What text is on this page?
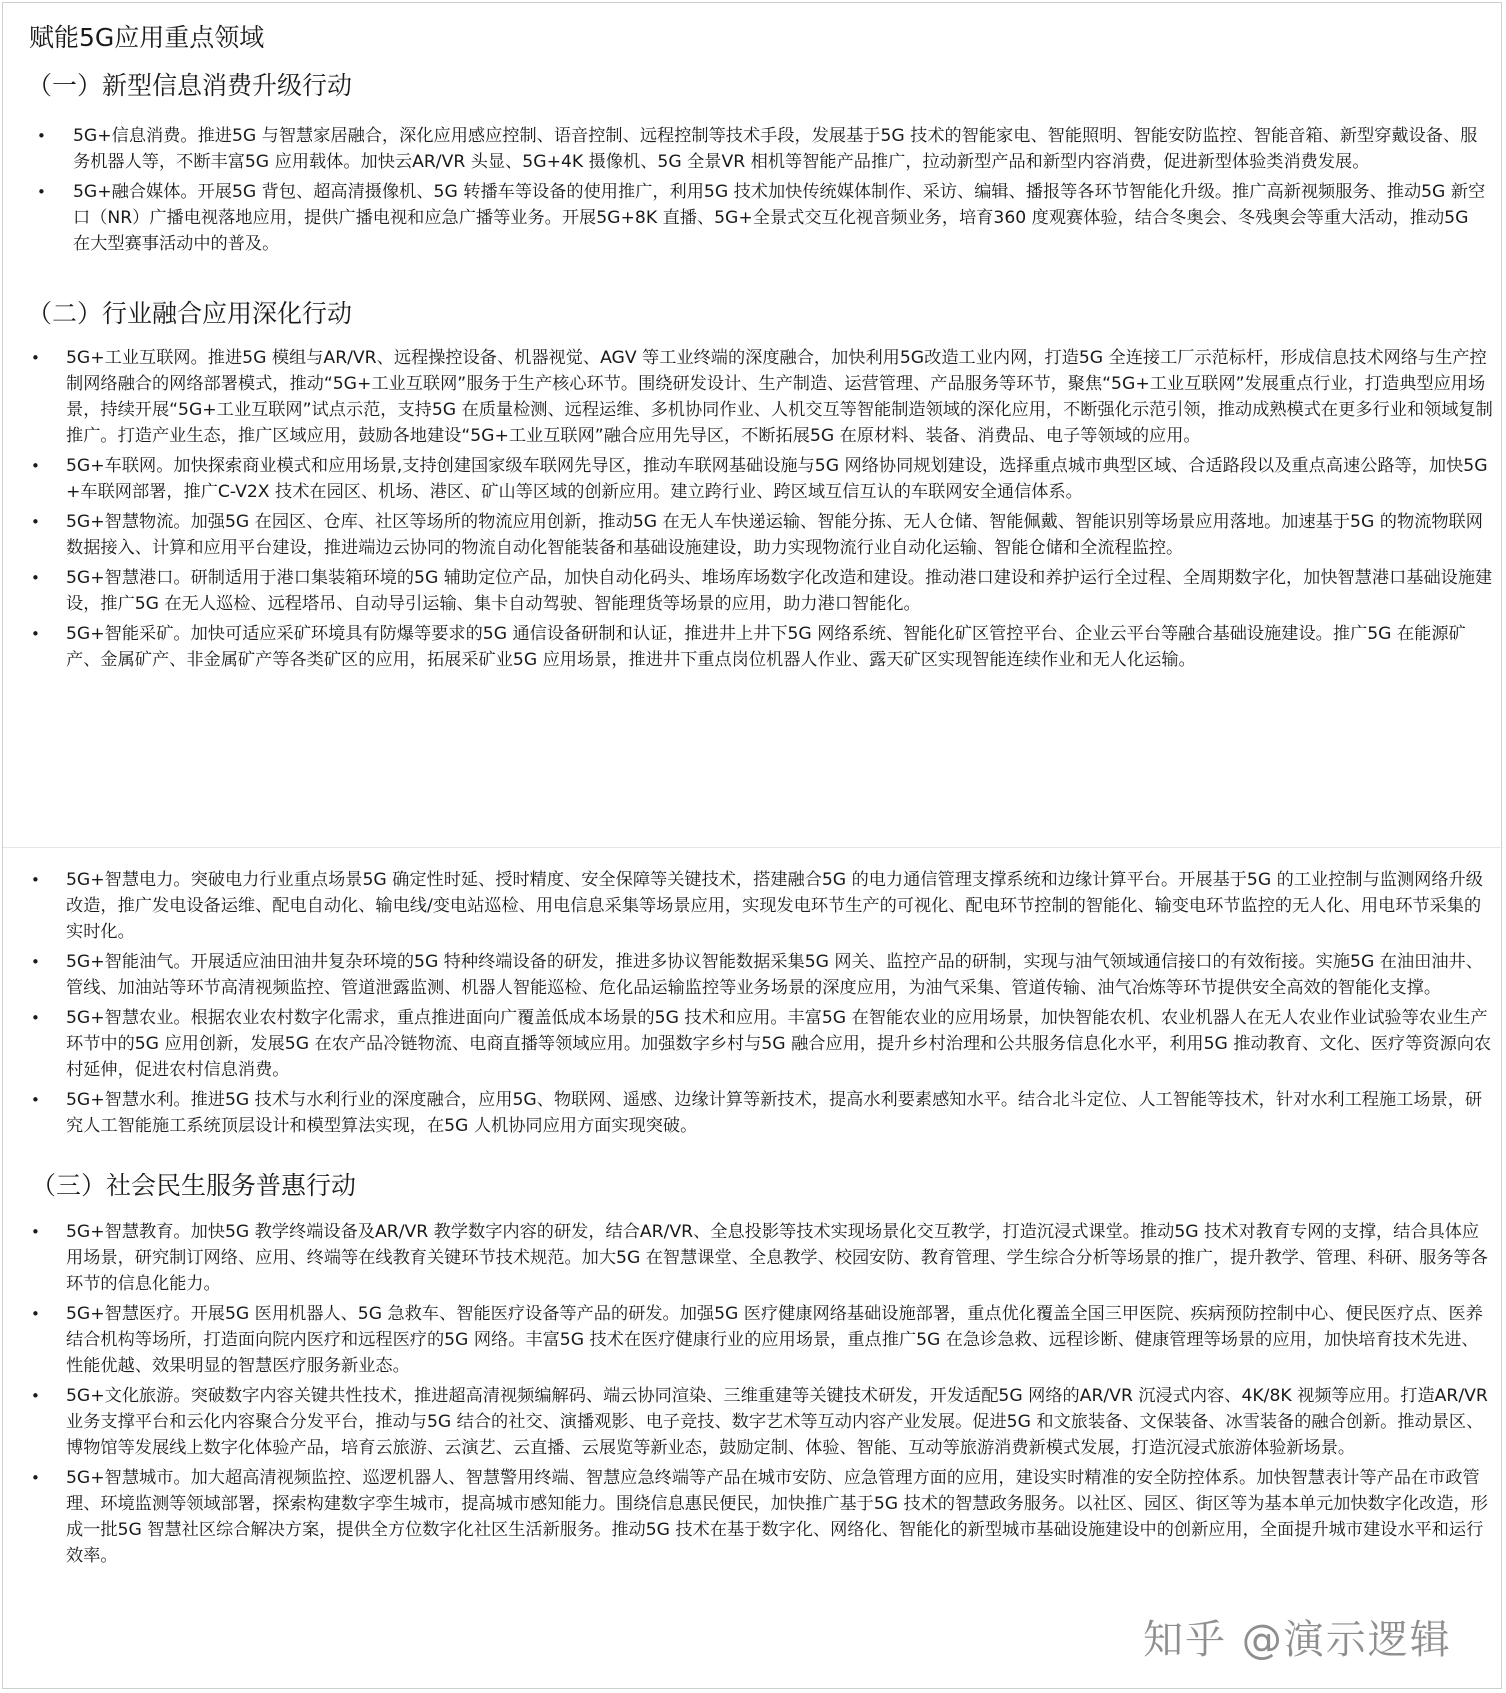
赋能5G应用重点领域
（一）新型信息消费升级行动
• 5G+信息消费。推进5G 与智慧家居融合，深化应用感应控制、语音控制、远程控制等技术手段，发展基于5G 技术的智能家电、智能照明、智能安防监控、智能音箱、新型穿戴设备、服务机器人等，不断丰富5G 应用载体。加快云AR/VR 头显、5G+4K 摄像机、5G 全景VR 相机等智能产品推广，拉动新型产品和新型内容消费，促进新型体验类消费发展。
• 5G+融合媒体。开展5G 背包、超高清摄像机、5G 转播车等设备的使用推广，利用5G 技术加快传统媒体制作、采访、编辑、播报等各环节智能化升级。推广高新视频服务、推动5G 新空口（NR）广播电视落地应用，提供广播电视和应急广播等业务。开展5G+8K 直播、5G+全景式交互化视音频业务，培育360 度观赛体验，结合冬奥会、冬残奥会等重大活动，推动5G 在大型赛事活动中的普及。
（二）行业融合应用深化行动
• 5G+工业互联网。推进5G 模组与AR/VR、远程操控设备、机器视觉、AGV 等工业终端的深度融合，加快利用5G改造工业内网，打造5G 全连接工厂示范标杆，形成信息技术网络与生产控制网络融合的网络部署模式，推动“5G+工业互联网”服务于生产核心环节。围绕研发设计、生产制造、运营管理、产品服务等环节，聚焦“5G+工业互联网”发展重点行业，打造典型应用场景，持续开展“5G+工业互联网”试点示范，支持5G 在质量检测、远程运维、多机协同作业、人机交互等智能制造领域的深化应用，不断强化示范引领，推动成熟模式在更多行业和领域复制推广。打造产业生态，推广区域应用，鼓励各地建设“5G+工业互联网”融合应用先导区，不断拓展5G 在原材料、装备、消费品、电子等领域的应用。
• 5G+车联网。加快探索商业模式和应用场景,支持创建国家级车联网先导区，推动车联网基础设施与5G 网络协同规划建设，选择重点城市典型区域、合适路段以及重点高速公路等，加快5G+车联网部署，推广C-V2X 技术在园区、机场、港区、矿山等区域的创新应用。建立跨行业、跨区域互信互认的车联网安全通信体系。
• 5G+智慧物流。加强5G 在园区、仓库、社区等场所的物流应用创新，推动5G 在无人车快递运输、智能分拣、无人仓储、智能佩戴、智能识别等场景应用落地。加速基于5G 的物流物联网数据接入、计算和应用平台建设，推进端边云协同的物流自动化智能装备和基础设施建设，助力实现物流行业自动化运输、智能仓储和全流程监控。
• 5G+智慧港口。研制适用于港口集装箱环境的5G 辅助定位产品，加快自动化码头、堆场库场数字化改造和建设。推动港口建设和养护运行全过程、全周期数字化，加快智慧港口基础设施建设，推广5G 在无人巡检、远程塔吊、自动导引运输、集卡自动驾驶、智能理货等场景的应用，助力港口智能化。
• 5G+智能采矿。加快可适应采矿环境具有防爆等要求的5G 通信设备研制和认证，推进井上井下5G 网络系统、智能化矿区管控平台、企业云平台等融合基础设施建设。推广5G 在能源矿产、金属矿产、非金属矿产等各类矿区的应用，拓展采矿业5G 应用场景，推进井下重点岗位机器人作业、露天矿区实现智能连续作业和无人化运输。
• 5G+智慧电力。突破电力行业重点场景5G 确定性时延、授时精度、安全保障等关键技术，搭建融合5G 的电力通信管理支撑系统和边缘计算平台。开展基于5G 的工业控制与监测网络升级改造，推广发电设备运维、配电自动化、输电线/变电站巡检、用电信息采集等场景应用，实现发电环节生产的可视化、配电环节控制的智能化、输变电环节监控的无人化、用电环节采集的实时化。
• 5G+智能油气。开展适应油田油井复杂环境的5G 特种终端设备的研发，推进多协议智能数据采集5G 网关、监控产品的研制，实现与油气领域通信接口的有效衔接。实施5G 在油田油井、管线、加油站等环节高清视频监控、管道泄露监测、机器人智能巡检、危化品运输监控等业务场景的深度应用，为油气采集、管道传输、油气冶炼等环节提供安全高效的智能化支撑。
• 5G+智慧农业。根据农业农村数字化需求，重点推进面向广覆盖低成本场景的5G 技术和应用。丰富5G 在智能农业的应用场景，加快智能农机、农业机器人在无人农业作业试验等农业生产环节中的5G 应用创新，发展5G 在农产品冷链物流、电商直播等领域应用。加强数字乡村与5G 融合应用，提升乡村治理和公共服务信息化水平，利用5G 推动教育、文化、医疗等资源向农村延伸，促进农村信息消费。
• 5G+智慧水利。推进5G 技术与水利行业的深度融合，应用5G、物联网、遥感、边缘计算等新技术，提高水利要素感知水平。结合北斗定位、人工智能等技术，针对水利工程施工场景，研究人工智能施工系统顶层设计和模型算法实现，在5G 人机协同应用方面实现突破。
（三）社会民生服务普惠行动
• 5G+智慧教育。加快5G 教学终端设备及AR/VR 教学数字内容的研发，结合AR/VR、全息投影等技术实现场景化交互教学，打造沉浸式课堂。推动5G 技术对教育专网的支撑，结合具体应用场景，研究制订网络、应用、终端等在线教育关键环节技术规范。加大5G 在智慧课堂、全息教学、校园安防、教育管理、学生综合分析等场景的推广，提升教学、管理、科研、服务等各环节的信息化能力。
• 5G+智慧医疗。开展5G 医用机器人、5G 急救车、智能医疗设备等产品的研发。加强5G 医疗健康网络基础设施部署，重点优化覆盖全国三甲医院、疾病预防控制中心、便民医疗点、医养结合机构等场所，打造面向院内医疗和远程医疗的5G 网络。丰富5G 技术在医疗健康行业的应用场景，重点推广5G 在急诊急救、远程诊断、健康管理等场景的应用，加快培育技术先进、性能优越、效果明显的智慧医疗服务新业态。
• 5G+文化旅游。突破数字内容关键共性技术，推进超高清视频编解码、端云协同渲染、三维重建等关键技术研发，开发适配5G 网络的AR/VR 沉浸式内容、4K/8K 视频等应用。打造AR/VR 业务支撑平台和云化内容聚合分发平台，推动与5G 结合的社交、演播观影、电子竞技、数字艺术等互动内容产业发展。促进5G 和文旅装备、文保装备、冰雪装备的融合创新。推动景区、博物馆等发展线上数字化体验产品，培育云旅游、云演艺、云直播、云展览等新业态，鼓励定制、体验、智能、互动等旅游消费新模式发展，打造沉浸式旅游体验新场景。
• 5G+智慧城市。加大超高清视频监控、巡逻机器人、智慧警用终端、智慧应急终端等产品在城市安防、应急管理方面的应用，建设实时精准的安全防控体系。加快智慧表计等产品在市政管理、环境监测等领域部署，探索构建数字孪生城市，提高城市感知能力。围绕信息惠民便民，加快推广基于5G 技术的智慧政务服务。以社区、园区、街区等为基本单元加快数字化改造，形成一批5G 智慧社区综合解决方案，提供全方位数字化社区生活新服务。推动5G 技术在基于数字化、网络化、智能化的新型城市基础设施建设中的创新应用，全面提升城市建设水平和运行效率。
知乎 @演示逻辑
